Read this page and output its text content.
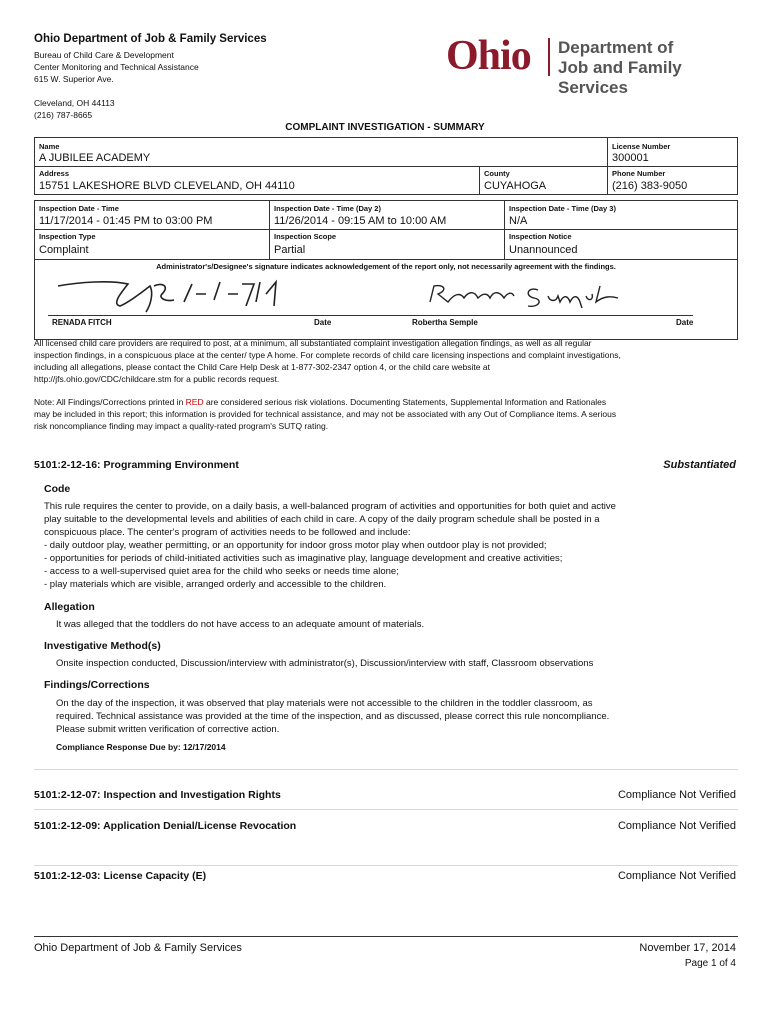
Ohio Department of Job & Family Services
Bureau of Child Care & Development
Center Monitoring and Technical Assistance
615 W. Superior Ave.
Cleveland, OH 44113
(216) 787-8665
Ohio Department of
Job and Family Services
COMPLAINT INVESTIGATION - SUMMARY
Name
A JUBILEE ACADEMY
License Number
300001
Address
15751 LAKESHORE BLVD CLEVELAND, OH 44110
County
CUYAHOGA
Phone Number
(216) 383-9050
Inspection Date - Time
11/17/2014 - 01:45 PM to 03:00 PM
Inspection Date - Time (Day 2)
11/26/2014 - 09:15 AM to 10:00 AM
Inspection Date - Time (Day 3)
N/A
Inspection Type
Complaint
Inspection Scope
Partial
Inspection Notice
Unannounced
Administrator's/Designee's signature indicates acknowledgement of the report only, not necessarily agreement with the findings.
RENADA FITCH	Date	Robertha Semple	Date
All licensed child care providers are required to post, at a minimum, all substantiated complaint investigation allegation findings, as well as all regular
inspection findings, in a conspicuous place at the center/ type A home. For complete records of child care licensing inspections and complaint investigations,
including all allegations, please contact the Child Care Help Desk at 1-877-302-2347 option 4, or the child care website at
http://jfs.ohio.gov/CDC/childcare.stm for a public records request.
Note: All Findings/Corrections printed in RED are considered serious risk violations. Documenting Statements, Supplemental Information and Rationales
may be included in this report; this information is provided for technical assistance, and may not be associated with any Out of Compliance items. A serious
risk noncompliance finding may impact a quality-rated program's SUTQ rating.
5101:2-12-16: Programming Environment	Substantiated
Code
This rule requires the center to provide, on a daily basis, a well-balanced program of activities and opportunities for both quiet and active
play suitable to the developmental levels and abilities of each child in care. A copy of the daily program schedule shall be posted in a
conspicuous place. The center's program of activities needs to be followed and include:
- daily outdoor play, weather permitting, or an opportunity for indoor gross motor play when outdoor play is not provided;
- opportunities for periods of child-initiated activities such as imaginative play, language development and creative activities;
- access to a well-supervised quiet area for the child who seeks or needs time alone;
- play materials which are visible, arranged orderly and accessible to the children.
Allegation
It was alleged that the toddlers do not have access to an adequate amount of materials.
Investigative Method(s)
Onsite inspection conducted, Discussion/interview with administrator(s), Discussion/interview with staff, Classroom observations
Findings/Corrections
On the day of the inspection, it was observed that play materials were not accessible to the children in the toddler classroom, as
required. Technical assistance was provided at the time of the inspection, and as discussed, please correct this rule noncompliance.
Please submit written verification of corrective action.
Compliance Response Due by: 12/17/2014
5101:2-12-07: Inspection and Investigation Rights	Compliance Not Verified
5101:2-12-09: Application Denial/License Revocation	Compliance Not Verified
5101:2-12-03: License Capacity (E)	Compliance Not Verified
Ohio Department of Job & Family Services	November 17, 2014
Page 1 of 4
